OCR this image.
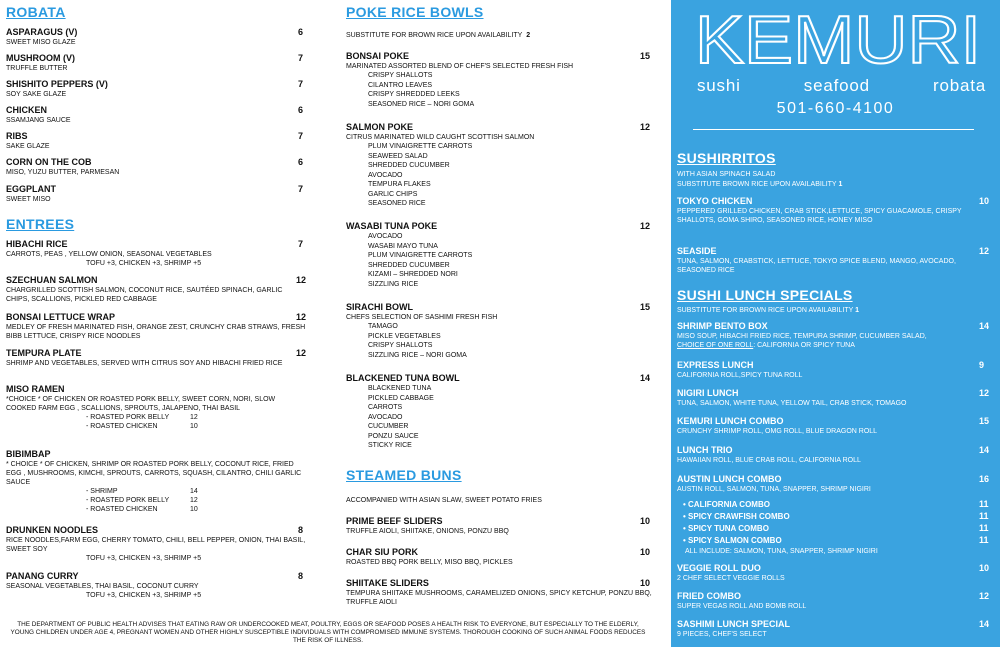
ROBATA
ASPARAGUS (V)	6
SWEET MISO GLAZE
MUSHROOM (V)	7
TRUFFLE BUTTER
SHISHITO PEPPERS (V)	7
SOY SAKE GLAZE
CHICKEN	6
SSAMJANG SAUCE
RIBS	7
SAKE GLAZE
CORN ON THE COB	6
MISO, YUZU BUTTER, PARMESAN
EGGPLANT	7
SWEET MISO
ENTREES
HIBACHI RICE	7
CARROTS, PEAS , YELLOW ONION, SEASONAL VEGETABLES
TOFU +3, CHICKEN +3, SHRIMP +5
SZECHUAN SALMON	12
CHARGRILLED SCOTTISH SALMON, COCONUT RICE, SAUTÉED SPINACH, GARLIC CHIPS, SCALLIONS, PICKLED RED CABBAGE
BONSAI LETTUCE WRAP	12
MEDLEY OF FRESH MARINATED FISH, ORANGE ZEST, CRUNCHY CRAB STRAWS, FRESH BIBB LETTUCE, CRISPY RICE NOODLES
TEMPURA PLATE	12
SHRIMP AND VEGETABLES, SERVED WITH CITRUS SOY AND HIBACHI FRIED RICE
MISO RAMEN
*CHOICE * OF CHICKEN OR ROASTED PORK BELLY, SWEET CORN, NORI, SLOW COOKED FARM EGG , SCALLIONS, SPROUTS, JALAPENO, THAI BASIL
- ROASTED PORK BELLY	12
- ROASTED CHICKEN	10
BIBIMBAP
* CHOICE * OF CHICKEN, SHRIMP OR ROASTED PORK BELLY, COCONUT RICE, FRIED EGG , MUSHROOMS, KIMCHI, SPROUTS, CARROTS, SQUASH, CILANTRO, CHILI GARLIC SAUCE
- SHRIMP	14
- ROASTED PORK BELLY	12
- ROASTED CHICKEN	10
DRUNKEN NOODLES	8
RICE NOODLES,FARM EGG, CHERRY TOMATO, CHILI, BELL PEPPER, ONION, THAI BASIL, SWEET SOY
TOFU +3, CHICKEN +3, SHRIMP +5
PANANG CURRY	8
SEASONAL VEGETABLES, THAI BASIL, COCONUT CURRY
TOFU +3, CHICKEN +3, SHRIMP +5
THE DEPARTMENT OF PUBLIC HEALTH ADVISES THAT EATING RAW OR UNDERCOOKED MEAT, POULTRY, EGGS OR SEAFOOD POSES A HEALTH RISK TO EVERYONE, BUT ESPECIALLY TO THE ELDERLY, YOUNG CHILDREN UNDER AGE 4, PREGNANT WOMEN AND OTHER HIGHLY SUSCEPTIBLE INDIVIDUALS WITH COMPROMISED IMMUNE SYSTEMS. THOROUGH COOKING OF SUCH ANIMAL FOODS REDUCES THE RISK OF ILLNESS.
POKE RICE BOWLS
SUBSTITUTE FOR BROWN RICE UPON AVAILABILITY 2
BONSAI POKE	15
MARINATED ASSORTED BLEND OF CHEF'S SELECTED FRESH FISH
CRISPY SHALLOTS
CILANTRO LEAVES
CRISPY SHREDDED LEEKS
SEASONED RICE – NORI GOMA
SALMON POKE	12
CITRUS MARINATED WILD CAUGHT SCOTTISH SALMON
PLUM VINAIGRETTE CARROTS
SEAWEED SALAD
SHREDDED CUCUMBER
AVOCADO
TEMPURA FLAKES
GARLIC CHIPS
SEASONED RICE
WASABI TUNA POKE	12
AVOCADO
WASABI MAYO TUNA
PLUM VINAIGRETTE CARROTS
SHREDDED CUCUMBER
KIZAMI – SHREDDED NORI
SIZZLING RICE
SIRACHI BOWL	15
CHEFS SELECTION OF SASHIMI FRESH FISH
TAMAGO
PICKLE VEGETABLES
CRISPY SHALLOTS
SIZZLING RICE – NORI GOMA
BLACKENED TUNA BOWL	14
BLACKENED TUNA
PICKLED CABBAGE
CARROTS
AVOCADO
CUCUMBER
PONZU SAUCE
STICKY RICE
STEAMED BUNS
ACCOMPANIED WITH ASIAN SLAW, SWEET POTATO FRIES
PRIME BEEF SLIDERS	10
TRUFFLE AIOLI, SHIITAKE, ONIONS, PONZU BBQ
CHAR SIU PORK	10
ROASTED BBQ PORK BELLY, MISO BBQ, PICKLES
SHIITAKE SLIDERS	10
TEMPURA SHIITAKE MUSHROOMS, CARAMELIZED ONIONS, SPICY KETCHUP, PONZU BBQ, TRUFFLE AIOLI
KEMURI
sushi	seafood	robata
501-660-4100
SUSHIRRITOS
WITH ASIAN SPINACH SALAD
SUBSTITUTE BROWN RICE UPON AVAILABILITY 1
TOKYO CHICKEN	10
PEPPERED GRILLED CHICKEN, CRAB STICK,LETTUCE, SPICY GUACAMOLE, CRISPY SHALLOTS, GOMA SHIRO, SEASONED RICE, HONEY MISO
SEASIDE	12
TUNA, SALMON, CRABSTICK, LETTUCE, TOKYO SPICE BLEND, MANGO, AVOCADO, SEASONED RICE
SUSHI LUNCH SPECIALS
SUBSTITUTE FOR BROWN RICE UPON AVAILABILITY 1
SHRIMP BENTO BOX	14
MISO SOUP, HIBACHI FRIED RICE, TEMPURA SHRIMP, CUCUMBER SALAD,
CHOICE OF ONE ROLL: CALIFORNIA OR SPICY TUNA
EXPRESS LUNCH	9
CALIFORNIA ROLL,SPICY TUNA ROLL
NIGIRI LUNCH	12
TUNA, SALMON, WHITE TUNA, YELLOW TAIL, CRAB STICK, TOMAGO
KEMURI LUNCH COMBO	15
CRUNCHY SHRIMP ROLL, OMG ROLL, BLUE DRAGON ROLL
LUNCH TRIO	14
HAWAIIAN ROLL, BLUE CRAB ROLL, CALIFORNIA ROLL
AUSTIN LUNCH COMBO	16
AUSTIN ROLL, SALMON, TUNA, SNAPPER, SHRIMP NIGIRI
• CALIFORNIA COMBO	11
• SPICY CRAWFISH COMBO	11
• SPICY TUNA COMBO	11
• SPICY SALMON COMBO	11
ALL INCLUDE: SALMON, TUNA, SNAPPER, SHRIMP NIGIRI
VEGGIE ROLL DUO	10
2 CHEF SELECT VEGGIE ROLLS
FRIED COMBO	12
SUPER VEGAS ROLL AND BOMB ROLL
SASHIMI LUNCH SPECIAL	14
9 PIECES, CHEF'S SELECT
